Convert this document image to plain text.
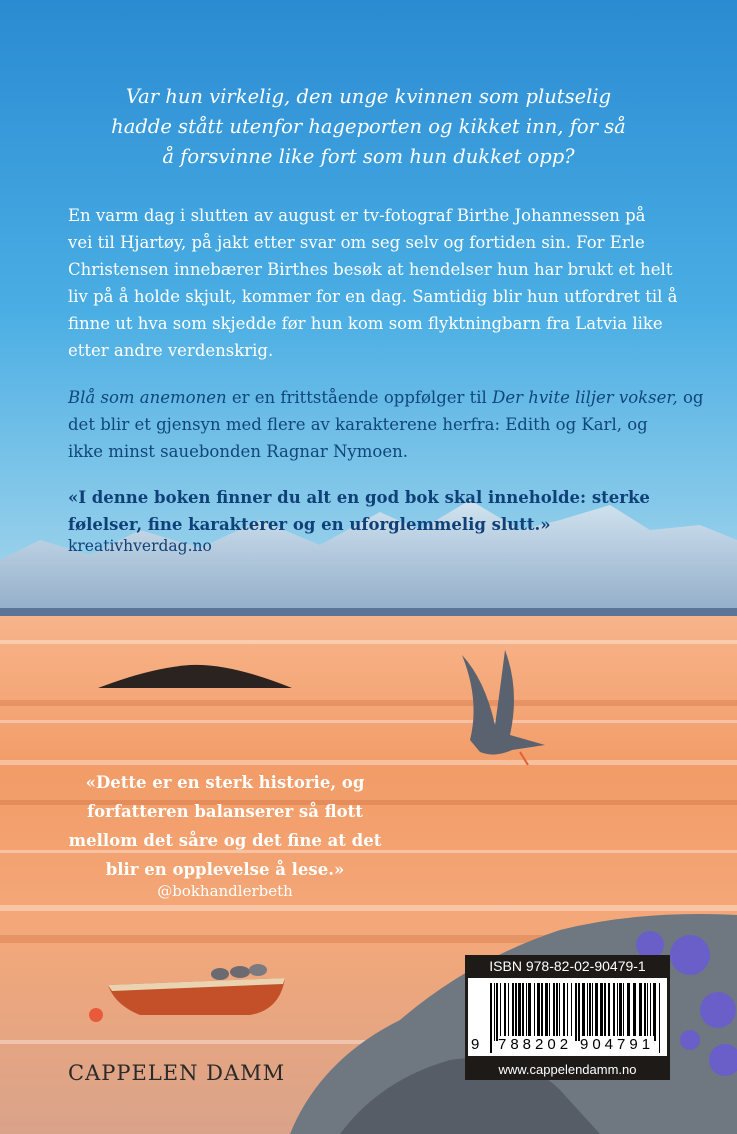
Var hun virkelig, den unge kvinnen som plutselig
hadde stått utenfor hageporten og kikket inn, for så
å forsvinne like fort som hun dukket opp?
En varm dag i slutten av august er tv-fotograf Birthe Johannessen på
vei til Hjartøy, på jakt etter svar om seg selv og fortiden sin. For Erle
Christensen innebærer Birthes besøk at hendelser hun har brukt et helt
liv på å holde skjult, kommer for en dag. Samtidig blir hun utfordret til å
finne ut hva som skjedde før hun kom som flyktningbarn fra Latvia like
etter andre verdenskrig.
Blå som anemonen er en frittstående oppfølger til Der hvite liljer vokser, og
det blir et gjensyn med flere av karakterene herfra: Edith og Karl, og
ikke minst sauebonden Ragnar Nymoen.
«I denne boken finner du alt en god bok skal inneholde: sterke
følelser, fine karakterer og en uforglemmelig slutt.»
kreativhverdag.no
«Dette er en sterk historie, og
forfatteren balanserer så flott
mellom det såre og det fine at det
blir en opplevelse å lese.»
@bokhandlerbeth
ISBN 978-82-02-90479-1
9 788202 904791
www.cappelendamm.no
CAPPELEN DAMM
